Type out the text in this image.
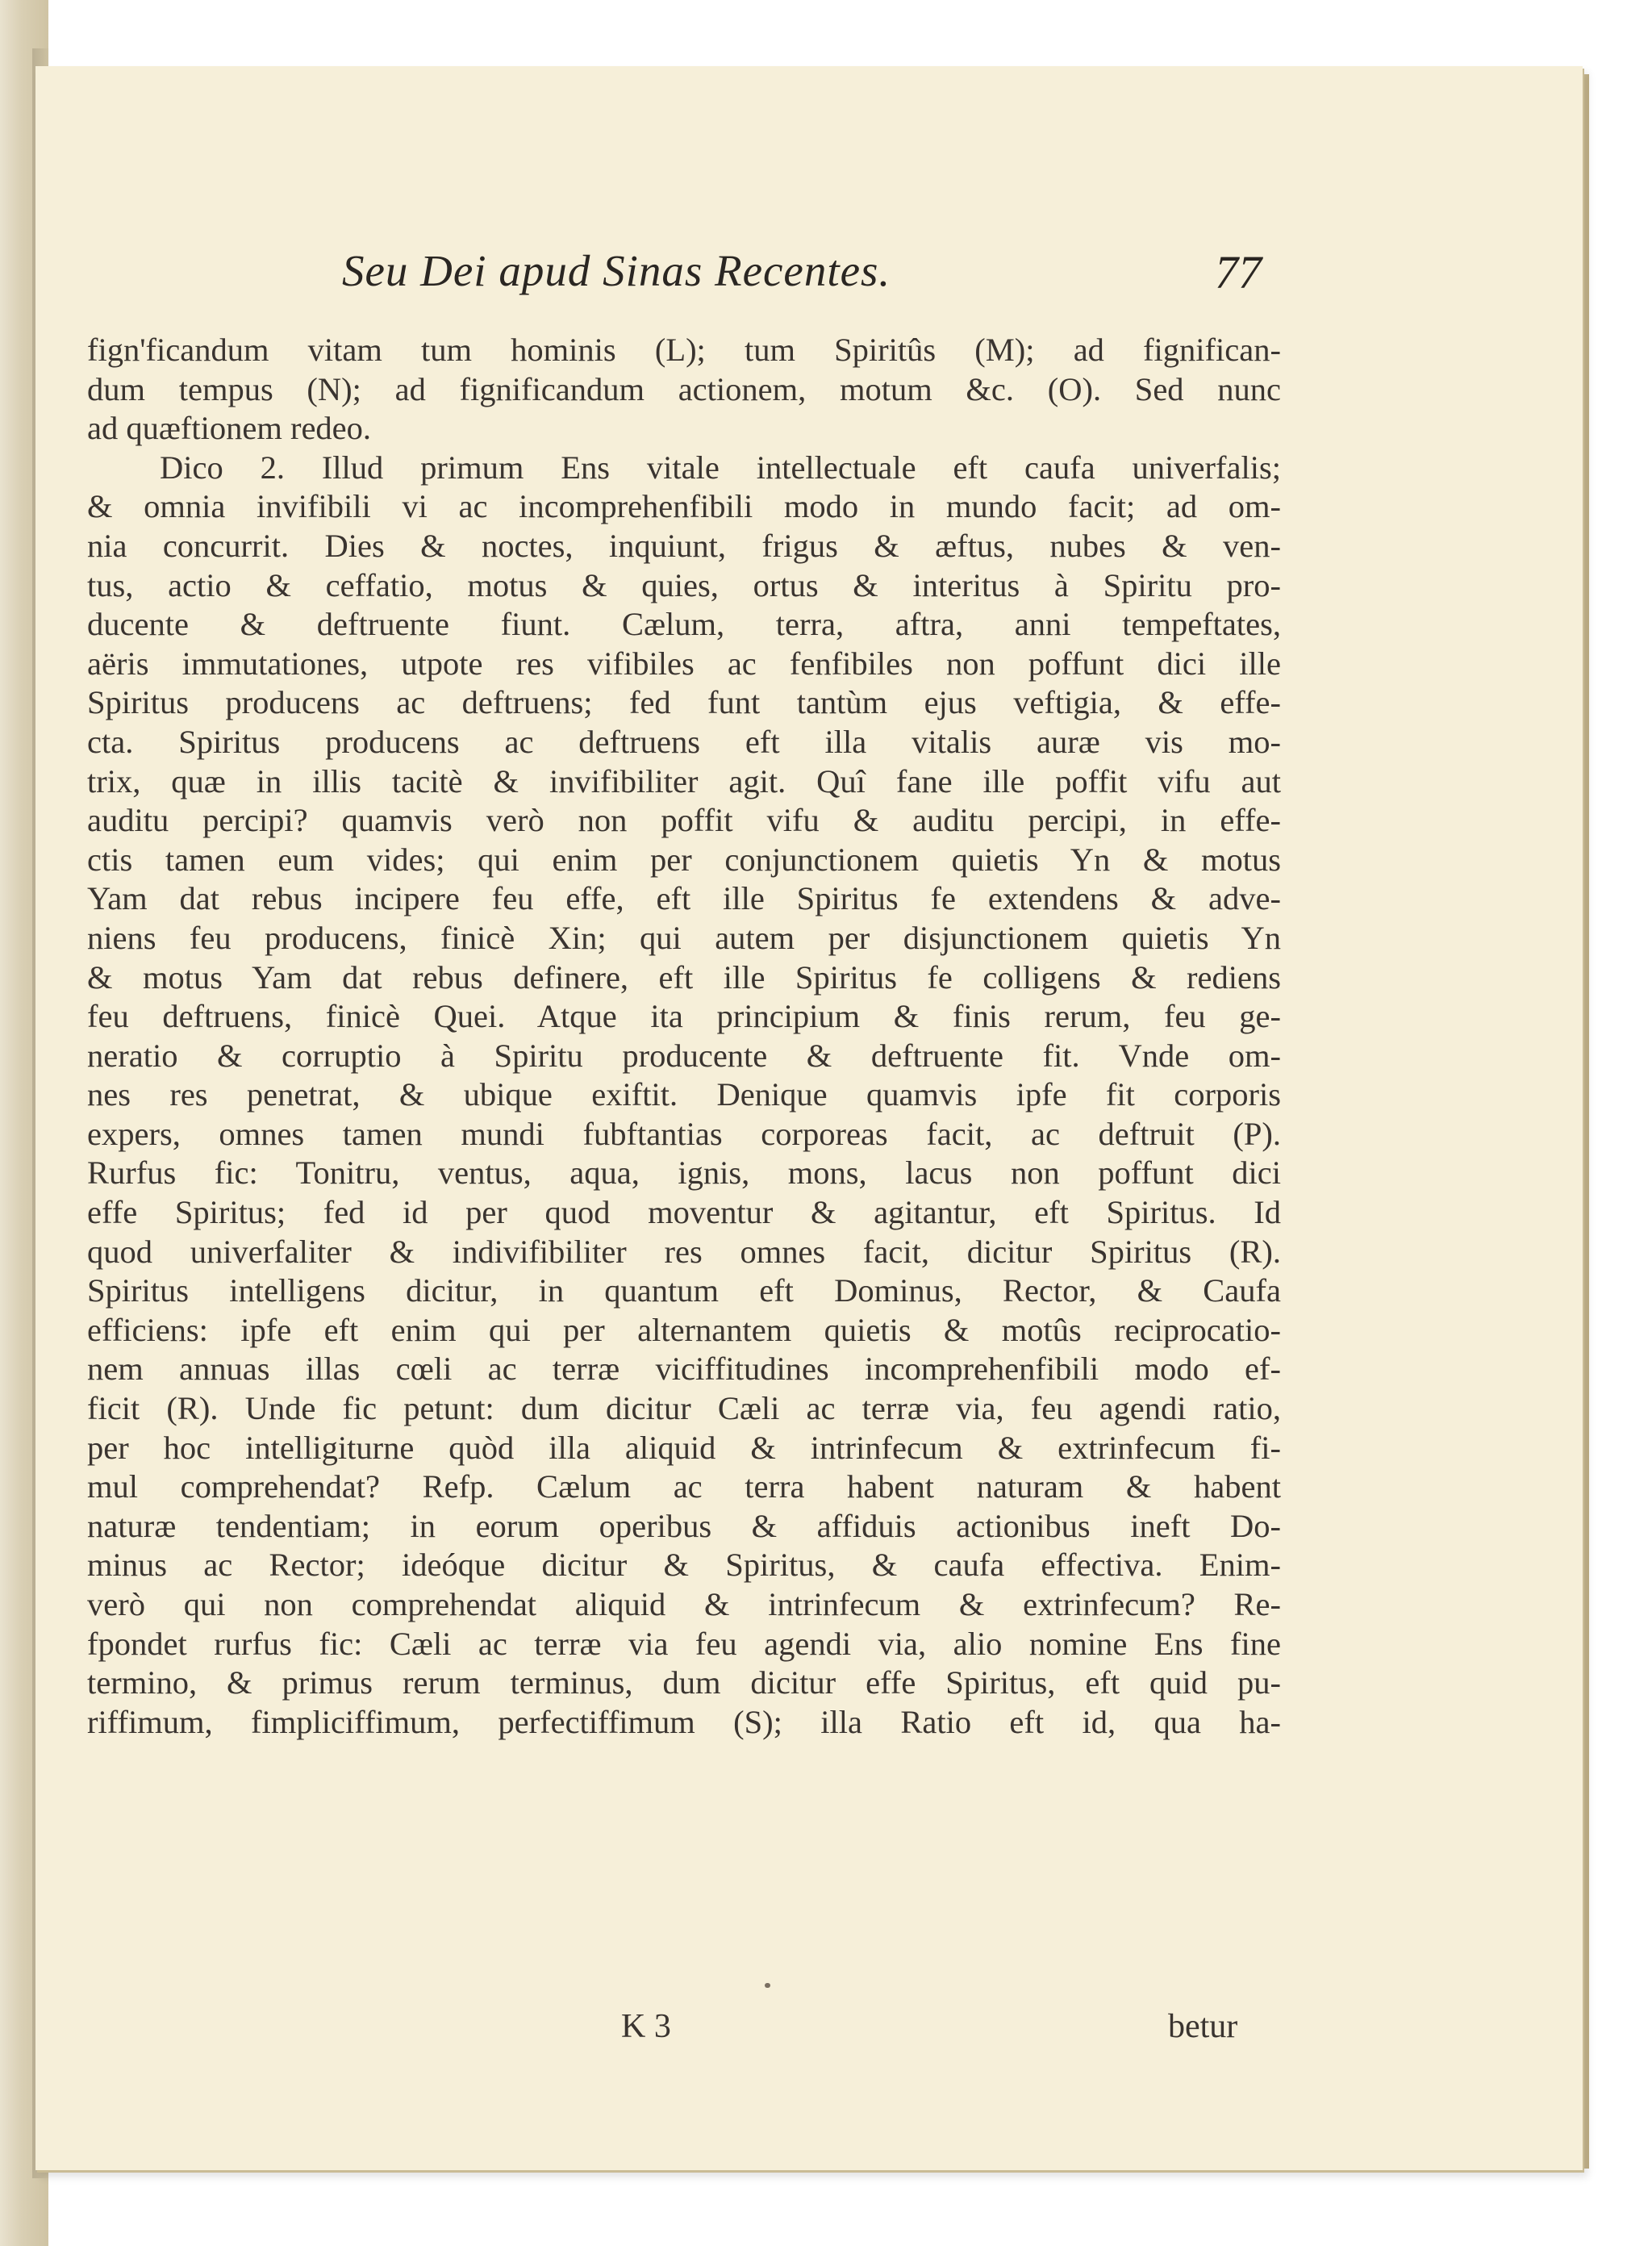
Seu Dei apud Sinas Recentes.	77
fign'ficandum vitam tum hominis (L); tum Spiritûs (M); ad fignifican-
dum tempus (N); ad fignificandum actionem, motum &c. (O). Sed nunc
ad quæftionem redeo.
Dico 2. Illud primum Ens vitale intellectuale eft caufa univerfalis;
& omnia invifibili vi ac incomprehenfibili modo in mundo facit; ad om-
nia concurrit. Dies & noctes, inquiunt, frigus & æftus, nubes & ven-
tus, actio & ceffatio, motus & quies, ortus & interitus à Spiritu pro-
ducente & deftruente fiunt. Cælum, terra, aftra, anni tempeftates,
aëris immutationes, utpote res vifibiles ac fenfibiles non poffunt dici ille
Spiritus producens ac deftruens; fed funt tantùm ejus veftigia, & effe-
cta. Spiritus producens ac deftruens eft illa vitalis auræ vis mo-
trix, quæ in illis tacitè & invifibiliter agit. Quî fane ille poffit vifu aut
auditu percipi? quamvis verò non poffit vifu & auditu percipi, in effe-
ctis tamen eum vides; qui enim per conjunctionem quietis Yn & motus
Yam dat rebus incipere feu effe, eft ille Spiritus fe extendens & adve-
niens feu producens, finicè Xin; qui autem per disjunctionem quietis Yn
& motus Yam dat rebus definere, eft ille Spiritus fe colligens & rediens
feu deftruens, finicè Quei. Atque ita principium & finis rerum, feu ge-
neratio & corruptio à Spiritu producente & deftruente fit. Vnde om-
nes res penetrat, & ubique exiftit. Denique quamvis ipfe fit corporis
expers, omnes tamen mundi fubftantias corporeas facit, ac deftruit (P).
Rurfus fic: Tonitru, ventus, aqua, ignis, mons, lacus non poffunt dici
effe Spiritus; fed id per quod moventur & agitantur, eft Spiritus. Id
quod univerfaliter & indivifibiliter res omnes facit, dicitur Spiritus (R).
Spiritus intelligens dicitur, in quantum eft Dominus, Rector, & Caufa
efficiens: ipfe eft enim qui per alternantem quietis & motûs reciprocatio-
nem annuas illas cœli ac terræ viciffitudines incomprehenfibili modo ef-
ficit (R). Unde fic petunt: dum dicitur Cæli ac terræ via, feu agendi ratio,
per hoc intelligiturne quòd illa aliquid & intrinfecum & extrinfecum fi-
mul comprehendat? Refp. Cælum ac terra habent naturam & habent
naturæ tendentiam; in eorum operibus & affiduis actionibus ineft Do-
minus ac Rector; ideóque dicitur & Spiritus, & caufa effectiva. Enim-
verò qui non comprehendat aliquid & intrinfecum & extrinfecum? Re-
fpondet rurfus fic: Cæli ac terræ via feu agendi via, alio nomine Ens fine
termino, & primus rerum terminus, dum dicitur effe Spiritus, eft quid pu-
riffimum, fimpliciffimum, perfectiffimum (S); illa Ratio eft id, qua ha-
K 3	betur
